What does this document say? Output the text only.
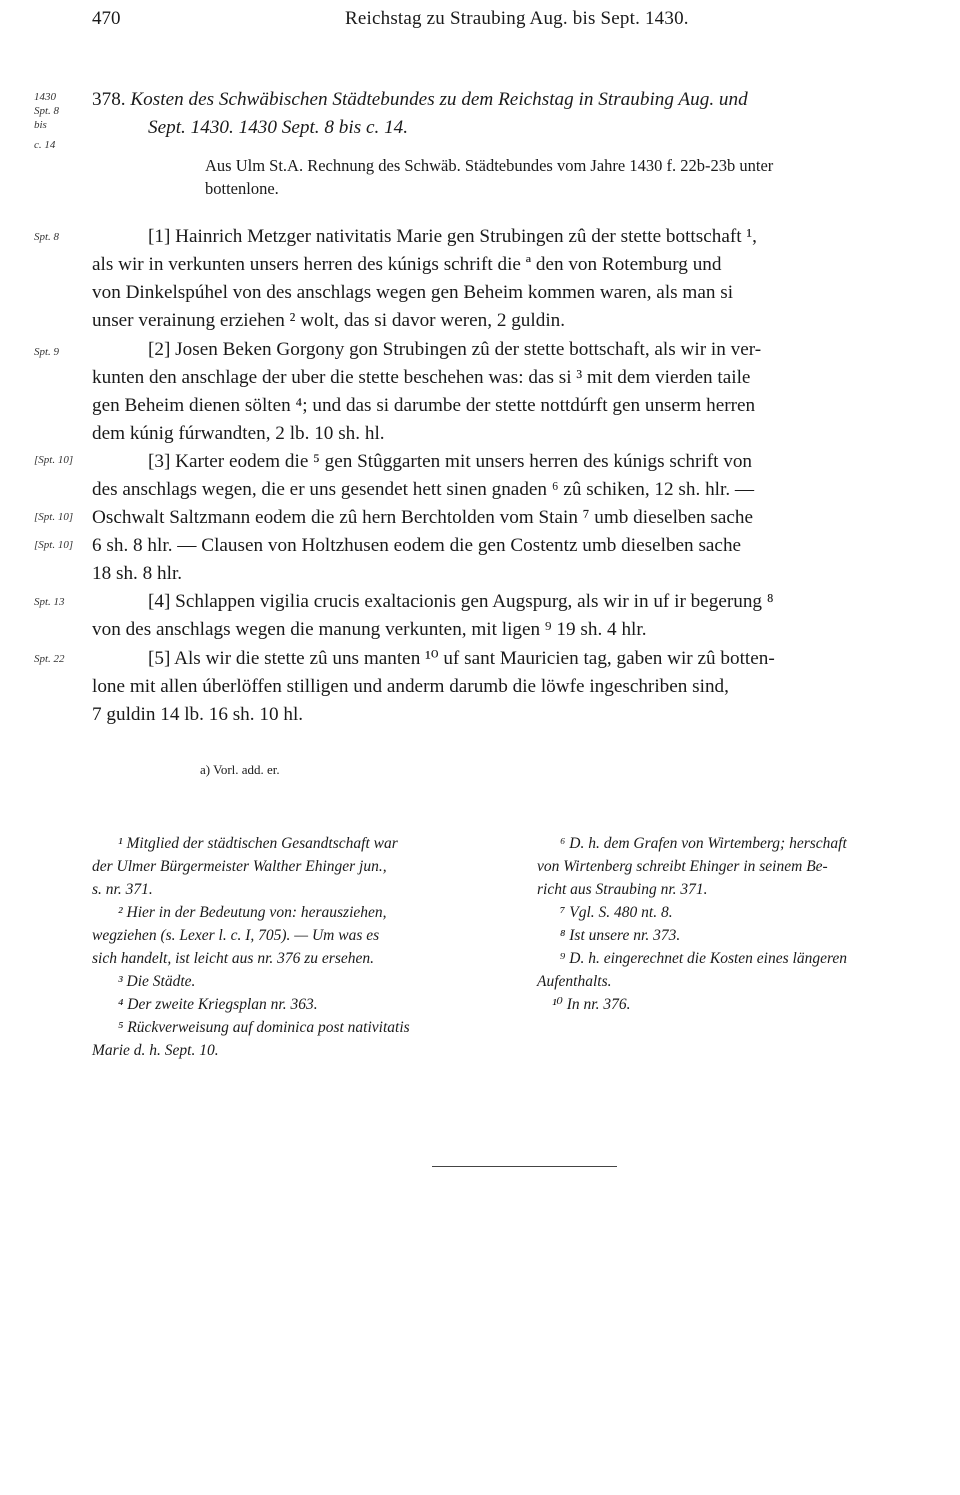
470	Reichstag zu Straubing Aug. bis Sept. 1430.
1430
Spt. 8
bis
c. 14
378. Kosten des Schwäbischen Städtebundes zu dem Reichstag in Straubing Aug. und
Sept. 1430. 1430 Sept. 8 bis c. 14.
Aus Ulm St.A. Rechnung des Schwäb. Städtebundes vom Jahre 1430 f. 22b-23b unter
bottenlone.
Spt. 8
Spt. 9
[Spt. 10]
[Spt. 10]
[Spt. 10]
Spt. 13
Spt. 22
[1] Hainrich Metzger nativitatis Marie gen Strubingen zû der stette bottschaft ¹,
als wir in verkunten unsers herren des kúnigs schrift die ª den von Rotemburg und
von Dinkelspúhel von des anschlags wegen gen Beheim kommen waren, als man si
unser verainung erziehen ² wolt, das si davor weren, 2 guldin.
[2] Josen Beken Gorgony gon Strubingen zû der stette bottschaft, als wir in ver-
kunten den anschlage der uber die stette beschehen was: das si ³ mit dem vierden taile
gen Beheim dienen sölten ⁴; und das si darumbe der stette nottdúrft gen unserm herren
dem kúnig fúrwandten, 2 lb. 10 sh. hl.
[3] Karter eodem die ⁵ gen Stûggarten mit unsers herren des kúnigs schrift von
des anschlags wegen, die er uns gesendet hett sinen gnaden ⁶ zû schiken, 12 sh. hlr. —
Oschwalt Saltzmann eodem die zû hern Berchtolden vom Stain ⁷ umb dieselben sache
6 sh. 8 hlr. — Clausen von Holtzhusen eodem die gen Costentz umb dieselben sache
18 sh. 8 hlr.
[4] Schlappen vigilia crucis exaltacionis gen Augspurg, als wir in uf ir begerung ⁸
von des anschlags wegen die manung verkunten, mit ligen ⁹ 19 sh. 4 hlr.
[5] Als wir die stette zû uns manten ¹⁰ uf sant Mauricien tag, gaben wir zû botten-
lone mit allen úberlöffen stilligen und anderm darumb die löwfe ingeschriben sind,
7 guldin 14 lb. 16 sh. 10 hl.
a) Vorl. add. er.
¹ Mitglied der städtischen Gesandtschaft war
der Ulmer Bürgermeister Walther Ehinger jun.,
s. nr. 371.
² Hier in der Bedeutung von: herausziehen,
wegziehen (s. Lexer l. c. I, 705). — Um was es
sich handelt, ist leicht aus nr. 376 zu ersehen.
³ Die Städte.
⁴ Der zweite Kriegsplan nr. 363.
⁵ Rückverweisung auf dominica post nativitatis
Marie d. h. Sept. 10.
⁶ D. h. dem Grafen von Wirtemberg; herschaft
von Wirtenberg schreibt Ehinger in seinem Be-
richt aus Straubing nr. 371.
⁷ Vgl. S. 480 nt. 8.
⁸ Ist unsere nr. 373.
⁹ D. h. eingerechnet die Kosten eines längeren
Aufenthalts.
¹⁰ In nr. 376.
